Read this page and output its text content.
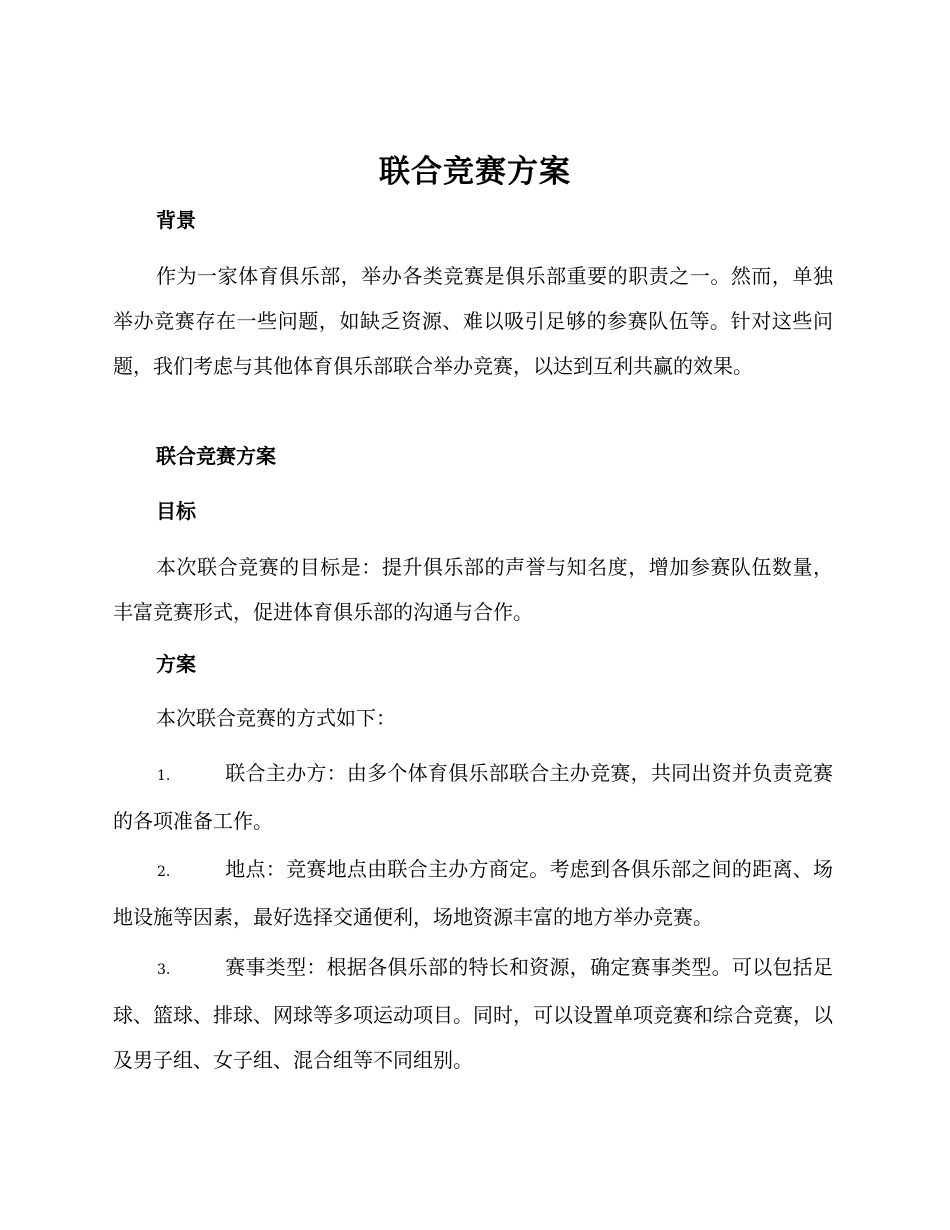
联合竞赛方案
背景

作为一家体育俱乐部，举办各类竞赛是俱乐部重要的职责之一。然而，单独举办竞赛存在一些问题，如缺乏资源、难以吸引足够的参赛队伍等。针对这些问题，我们考虑与其他体育俱乐部联合举办竞赛，以达到互利共赢的效果。

联合竞赛方案
目标

本次联合竞赛的目标是：提升俱乐部的声誉与知名度，增加参赛队伍数量，丰富竞赛形式，促进体育俱乐部的沟通与合作。

方案

本次联合竞赛的方式如下：

1.	联合主办方：由多个体育俱乐部联合主办竞赛，共同出资并负责竞赛的各项准备工作。

2.	地点：竞赛地点由联合主办方商定。考虑到各俱乐部之间的距离、场地设施等因素，最好选择交通便利，场地资源丰富的地方举办竞赛。

3.	赛事类型：根据各俱乐部的特长和资源，确定赛事类型。可以包括足球、篮球、排球、网球等多项运动项目。同时，可以设置单项竞赛和综合竞赛，以及男子组、女子组、混合组等不同组别。
